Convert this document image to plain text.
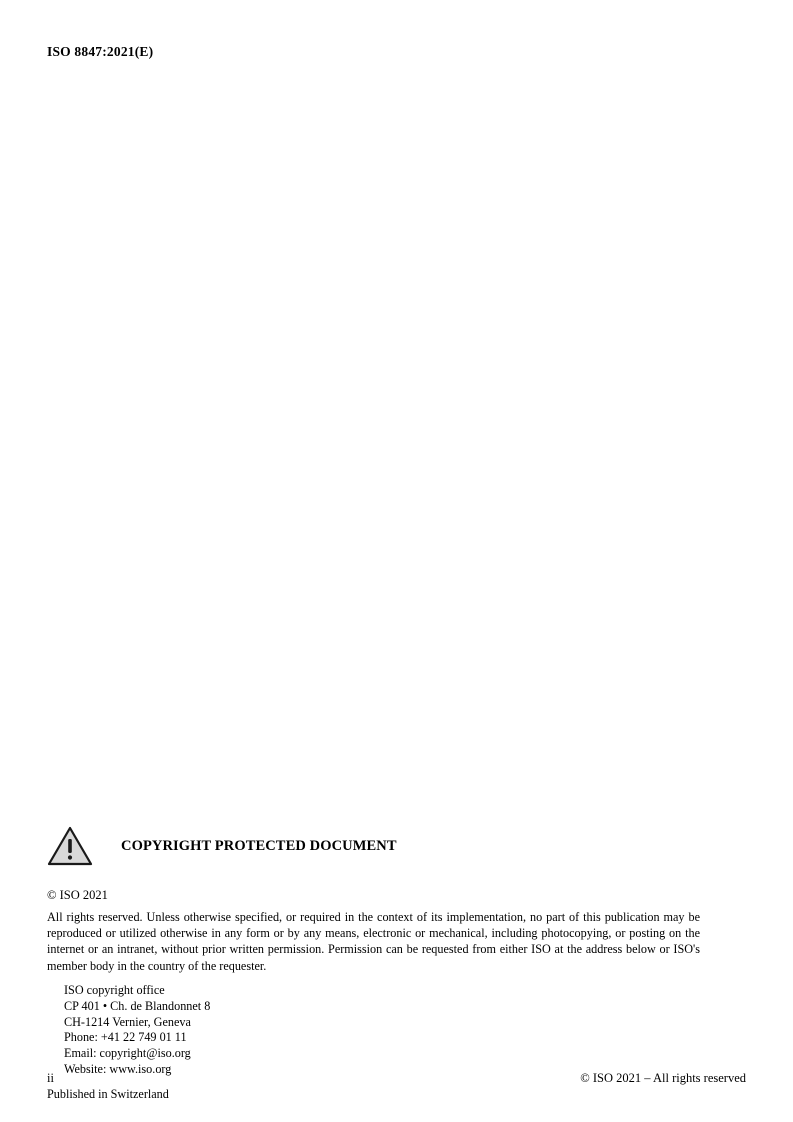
ISO 8847:2021(E)
COPYRIGHT PROTECTED DOCUMENT
© ISO 2021
All rights reserved. Unless otherwise specified, or required in the context of its implementation, no part of this publication may be reproduced or utilized otherwise in any form or by any means, electronic or mechanical, including photocopying, or posting on the internet or an intranet, without prior written permission. Permission can be requested from either ISO at the address below or ISO's member body in the country of the requester.
ISO copyright office
CP 401 • Ch. de Blandonnet 8
CH-1214 Vernier, Geneva
Phone: +41 22 749 01 11
Email: copyright@iso.org
Website: www.iso.org
Published in Switzerland
ii	© ISO 2021 – All rights reserved
